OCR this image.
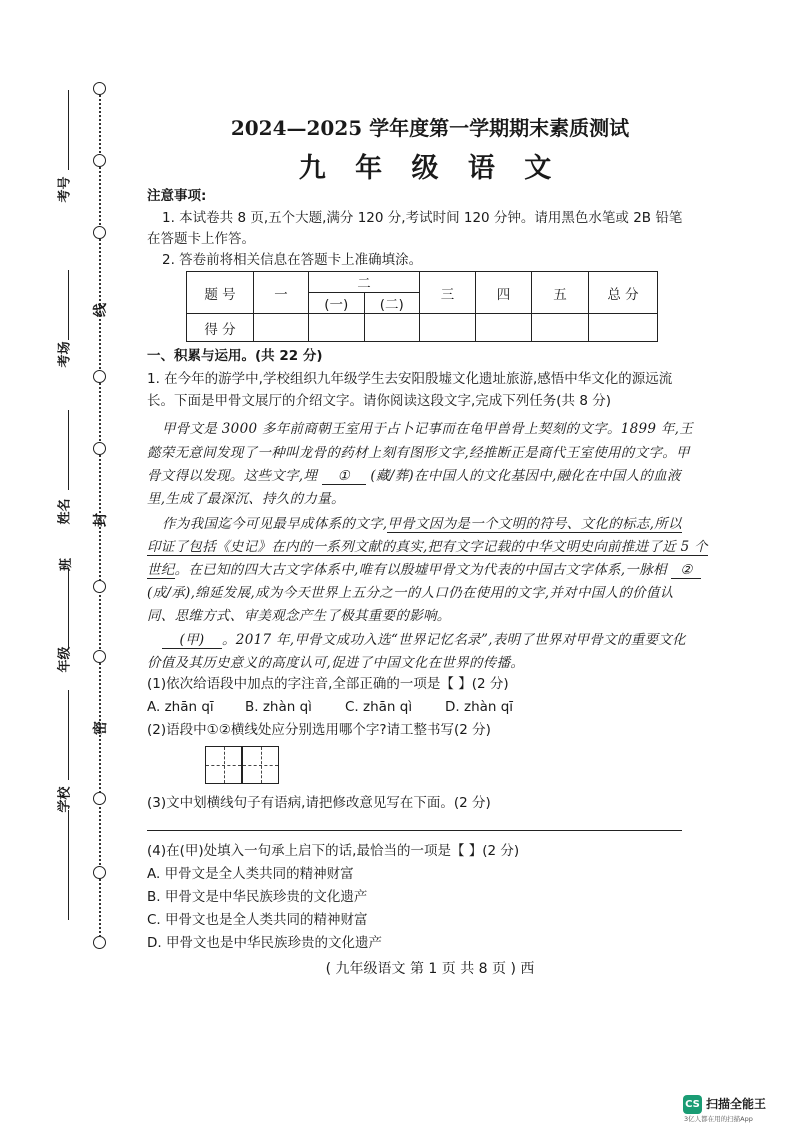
考号
考场
姓名
班
年级
学校
线
封
密
2024—2025 学年度第一学期期末素质测试
九 年 级 语 文
注意事项:
1. 本试卷共 8 页,五个大题,满分 120 分,考试时间 120 分钟。请用黑色水笔或 2B 铅笔
在答题卡上作答。
2. 答卷前将相关信息在答题卡上准确填涂。
题 号	一	二		三	四	五	总 分
		(一)	(二)				
得 分							
一、积累与运用。(共 22 分)
1. 在今年的游学中,学校组织九年级学生去安阳殷墟文化遗址旅游,感悟中华文化的源远流
长。下面是甲骨文展厅的介绍文字。请你阅读这段文字,完成下列任务(共 8 分)
甲骨文是 3000 多年前商朝王室用于占卜记事而在龟甲兽骨上契刻的文字。1899 年,王
懿荣无意间发现了一种叫龙骨的药材上刻有图形文字,经推断正是商代王室使用的文字。甲
骨文得以发现。这些文字,埋 ① (藏/葬)在中国人的文化基因中,融化在中国人的血液
里,生成了最深沉、持久的力量。
作为我国迄今可见最早成体系的文字,甲骨文因为是一个文明的符号、文化的标志,所以
印证了包括《史记》在内的一系列文献的真实,把有文字记载的中华文明史向前推进了近 5 个
世纪。在已知的四大古文字体系中,唯有以殷墟甲骨文为代表的中国古文字体系,一脉相 ②
(成/承),绵延发展,成为今天世界上五分之一的人口仍在使用的文字,并对中国人的价值认
同、思维方式、审美观念产生了极其重要的影响。
(甲) 。2017 年,甲骨文成功入选“世界记忆名录”,表明了世界对甲骨文的重要文化
价值及其历史意义的高度认可,促进了中国文化在世界的传播。
(1)依次给语段中加点的字注音,全部正确的一项是【 】(2 分)
A. zhān qī B. zhàn qì C. zhān qì D. zhàn qī
(2)语段中①②横线处应分别选用哪个字?请工整书写(2 分)
(3)文中划横线句子有语病,请把修改意见写在下面。(2 分)
(4)在(甲)处填入一句承上启下的话,最恰当的一项是【 】(2 分)
A. 甲骨文是全人类共同的精神财富
B. 甲骨文是中华民族珍贵的文化遗产
C. 甲骨文也是全人类共同的精神财富
D. 甲骨文也是中华民族珍贵的文化遗产
( 九年级语文 第 1 页 共 8 页 ) 西
CS 扫描全能王
3亿人都在用的扫描App
